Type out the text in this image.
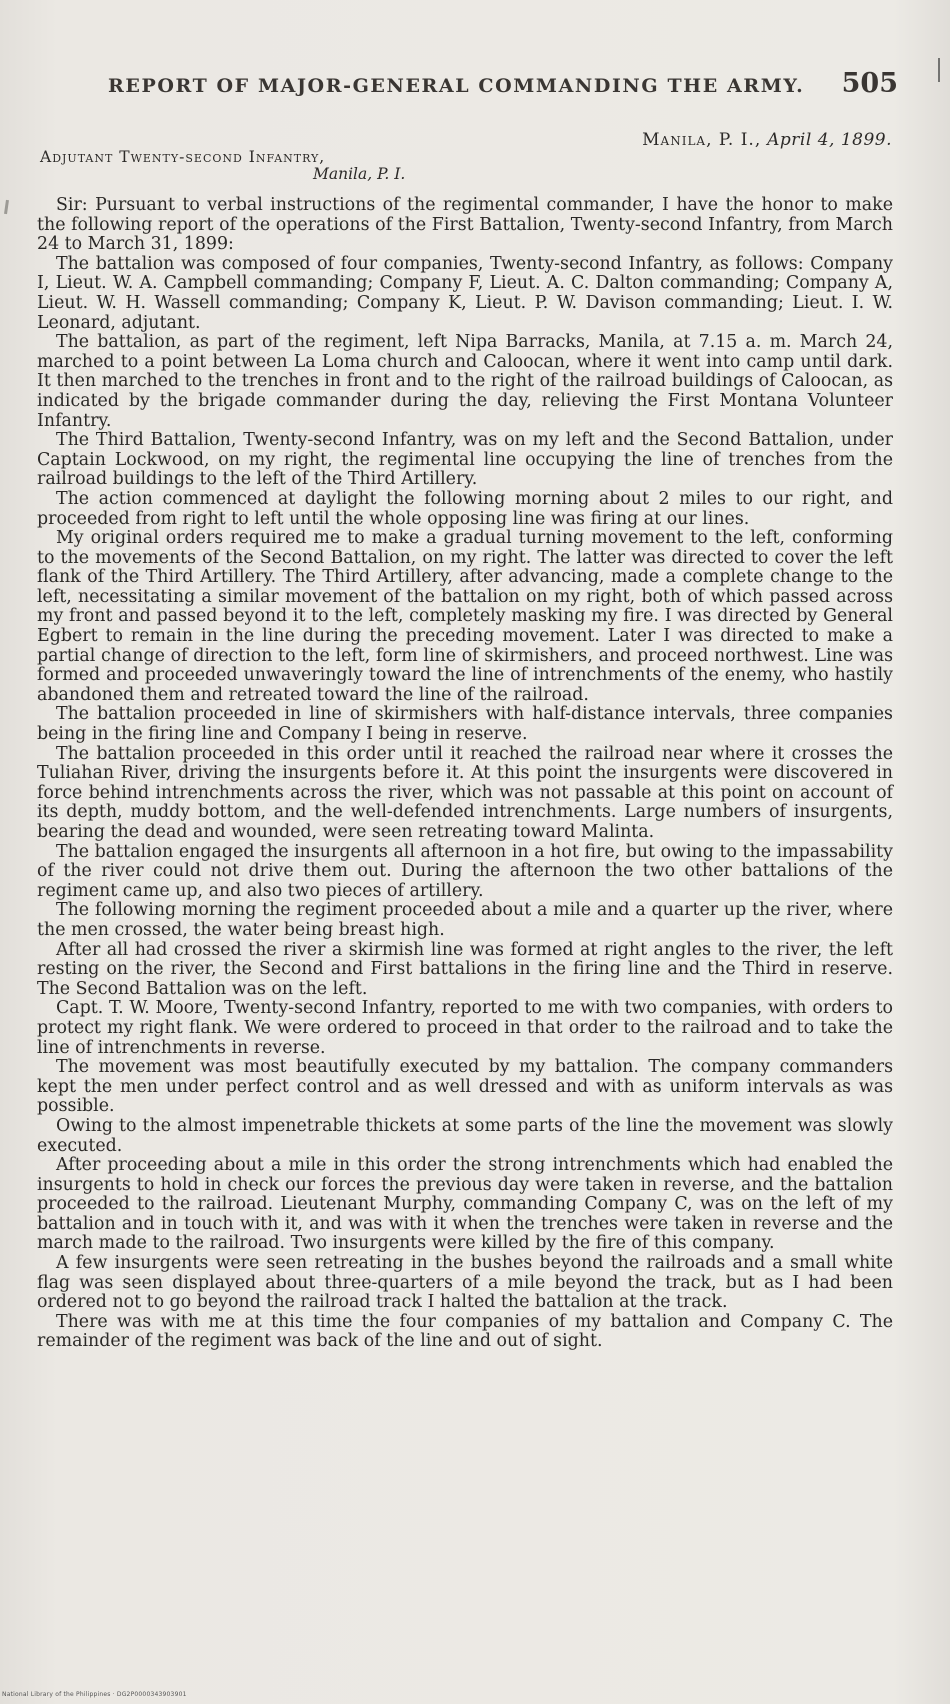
REPORT OF MAJOR-GENERAL COMMANDING THE ARMY. 505
Manila, P. I., April 4, 1899.
Adjutant Twenty-second Infantry,
Manila, P. I.

Sir: Pursuant to verbal instructions of the regimental commander, I have the honor to make the following report of the operations of the First Battalion, Twenty-second Infantry, from March 24 to March 31, 1899:

The battalion was composed of four companies, Twenty-second Infantry, as follows: Company I, Lieut. W. A. Campbell commanding; Company F, Lieut. A. C. Dalton commanding; Company A, Lieut. W. H. Wassell commanding; Company K, Lieut. P. W. Davison commanding; Lieut. I. W. Leonard, adjutant.

The battalion, as part of the regiment, left Nipa Barracks, Manila, at 7.15 a. m. March 24, marched to a point between La Loma church and Caloocan, where it went into camp until dark. It then marched to the trenches in front and to the right of the railroad buildings of Caloocan, as indicated by the brigade commander during the day, relieving the First Montana Volunteer Infantry.

The Third Battalion, Twenty-second Infantry, was on my left and the Second Battalion, under Captain Lockwood, on my right, the regimental line occupying the line of trenches from the railroad buildings to the left of the Third Artillery.

The action commenced at daylight the following morning about 2 miles to our right, and proceeded from right to left until the whole opposing line was firing at our lines.

My original orders required me to make a gradual turning movement to the left, conforming to the movements of the Second Battalion, on my right. The latter was directed to cover the left flank of the Third Artillery. The Third Artillery, after advancing, made a complete change to the left, necessitating a similar movement of the battalion on my right, both of which passed across my front and passed beyond it to the left, completely masking my fire. I was directed by General Egbert to remain in the line during the preceding movement. Later I was directed to make a partial change of direction to the left, form line of skirmishers, and proceed northwest. Line was formed and proceeded unwaveringly toward the line of intrenchments of the enemy, who hastily abandoned them and retreated toward the line of the railroad.

The battalion proceeded in line of skirmishers with half-distance intervals, three companies being in the firing line and Company I being in reserve.

The battalion proceeded in this order until it reached the railroad near where it crosses the Tuliahan River, driving the insurgents before it. At this point the insurgents were discovered in force behind intrenchments across the river, which was not passable at this point on account of its depth, muddy bottom, and the well-defended intrenchments. Large numbers of insurgents, bearing the dead and wounded, were seen retreating toward Malinta.

The battalion engaged the insurgents all afternoon in a hot fire, but owing to the impassability of the river could not drive them out. During the afternoon the two other battalions of the regiment came up, and also two pieces of artillery.

The following morning the regiment proceeded about a mile and a quarter up the river, where the men crossed, the water being breast high.

After all had crossed the river a skirmish line was formed at right angles to the river, the left resting on the river, the Second and First battalions in the firing line and the Third in reserve. The Second Battalion was on the left.

Capt. T. W. Moore, Twenty-second Infantry, reported to me with two companies, with orders to protect my right flank. We were ordered to proceed in that order to the railroad and to take the line of intrenchments in reverse.

The movement was most beautifully executed by my battalion. The company commanders kept the men under perfect control and as well dressed and with as uniform intervals as was possible.

Owing to the almost impenetrable thickets at some parts of the line the movement was slowly executed.

After proceeding about a mile in this order the strong intrenchments which had enabled the insurgents to hold in check our forces the previous day were taken in reverse, and the battalion proceeded to the railroad. Lieutenant Murphy, commanding Company C, was on the left of my battalion and in touch with it, and was with it when the trenches were taken in reverse and the march made to the railroad. Two insurgents were killed by the fire of this company.

A few insurgents were seen retreating in the bushes beyond the railroads and a small white flag was seen displayed about three-quarters of a mile beyond the track, but as I had been ordered not to go beyond the railroad track I halted the battalion at the track.

There was with me at this time the four companies of my battalion and Company C. The remainder of the regiment was back of the line and out of sight.

National Library of the Philippines · DG2P0000343903901
